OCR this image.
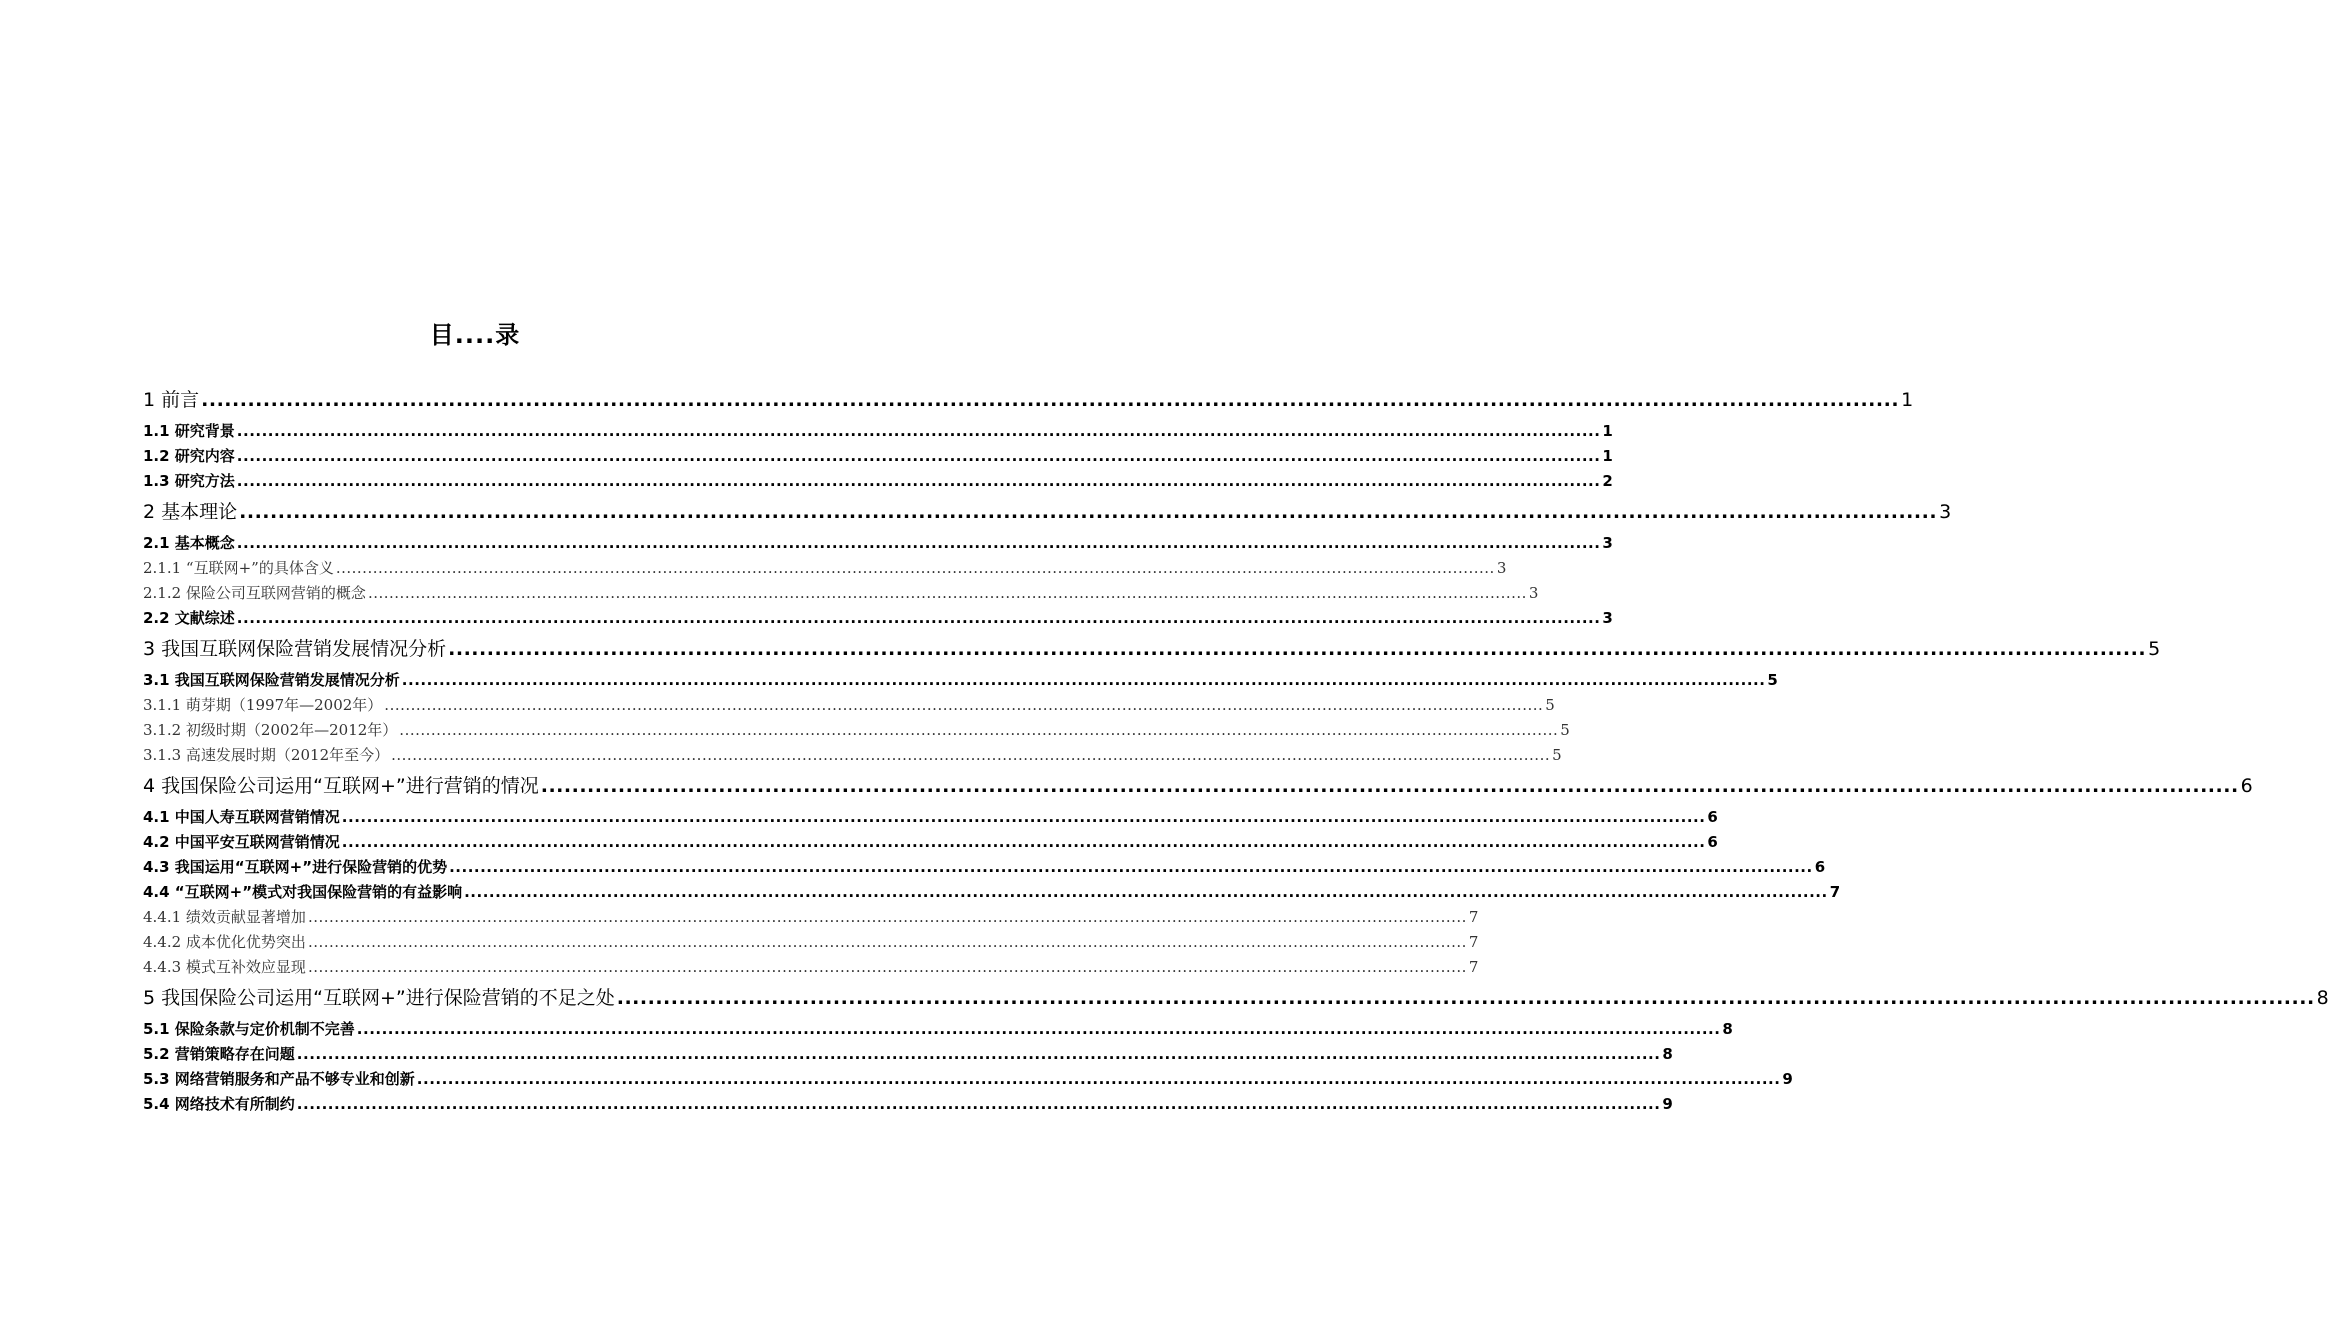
目....录
1 前言 ............................................................................................................................................................................................................................ 1
1.1 研究背景 ............................................................................................................................................................................................................................ 1
1.2 研究内容 ............................................................................................................................................................................................................................ 1
1.3 研究方法 ............................................................................................................................................................................................................................ 2
2 基本理论 ............................................................................................................................................................................................................................ 3
2.1 基本概念 ............................................................................................................................................................................................................................ 3
2.1.1 “互联网+”的具体含义 ............................................................................................................................................................................................................................ 3
2.1.2 保险公司互联网营销的概念 ............................................................................................................................................................................................................................ 3
2.2 文献综述 ............................................................................................................................................................................................................................ 3
3 我国互联网保险营销发展情况分析 ............................................................................................................................................................................................................................ 5
3.1 我国互联网保险营销发展情况分析 ............................................................................................................................................................................................................................ 5
3.1.1 萌芽期（1997年—2002年） ............................................................................................................................................................................................................................ 5
3.1.2 初级时期（2002年—2012年） ............................................................................................................................................................................................................................ 5
3.1.3 高速发展时期（2012年至今） ............................................................................................................................................................................................................................ 5
4 我国保险公司运用“互联网+”进行营销的情况 ............................................................................................................................................................................................................................ 6
4.1 中国人寿互联网营销情况 ............................................................................................................................................................................................................................ 6
4.2 中国平安互联网营销情况 ............................................................................................................................................................................................................................ 6
4.3 我国运用“互联网+”进行保险营销的优势 ............................................................................................................................................................................................................................ 6
4.4 “互联网+”模式对我国保险营销的有益影响 ............................................................................................................................................................................................................................ 7
4.4.1 绩效贡献显著增加 ............................................................................................................................................................................................................................ 7
4.4.2 成本优化优势突出 ............................................................................................................................................................................................................................ 7
4.4.3 模式互补效应显现 ............................................................................................................................................................................................................................ 7
5 我国保险公司运用“互联网+”进行保险营销的不足之处 ............................................................................................................................................................................................................................ 8
5.1 保险条款与定价机制不完善 ............................................................................................................................................................................................................................ 8
5.2 营销策略存在问题 ............................................................................................................................................................................................................................ 8
5.3 网络营销服务和产品不够专业和创新 ............................................................................................................................................................................................................................ 9
5.4 网络技术有所制约 ............................................................................................................................................................................................................................ 9
